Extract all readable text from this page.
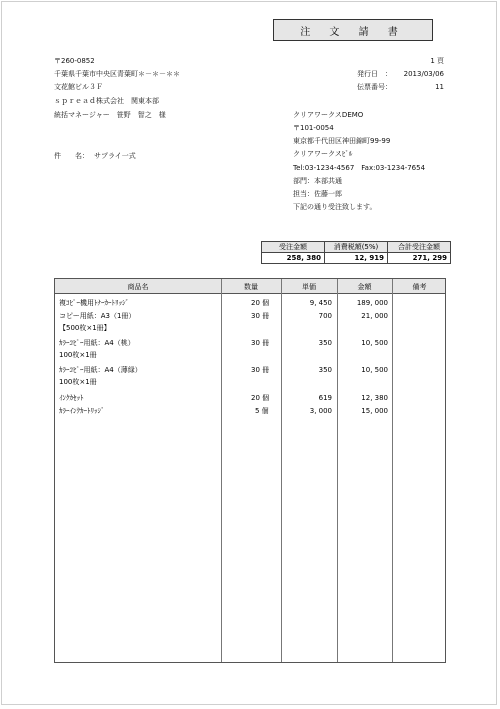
注 文 請 書
〒260-0852
千葉県千葉市中央区青葉町＊－＊－＊＊
文花館ビル３Ｆ
ｓｐｒｅａｄ株式会社　関東本部
統括マネージャー　笹野　智之　様
件　　名： サプライ一式
1 頁
発行日　：	2013/03/06
伝票番号：	11
クリアワークスDEMO
〒101-0054
東京都千代田区神田錦町99-99
クリアワークスﾋﾞﾙ
Tel:03-1234-4567　Fax:03-1234-7654
部門：本部共通
担当：佐藤一郎
下記の通り受注致します。
受注金額	消費税額(5%)	合計受注金額
258, 380	12, 919	271, 299
商品名	数量	単価	金額	備考
複ｺﾋﾟｰ機用ﾄﾅｰｶｰﾄﾘｯｼﾞ	20 個	9, 450	189, 000
コピー用紙：A3（1冊）
【500枚×1冊】
30 冊	700	21, 000
ｶﾗｰｺﾋﾟｰ用紙：A4（桃）
100枚×1冊
30 冊	350	10, 500
ｶﾗｰｺﾋﾟｰ用紙：A4（薄緑）
100枚×1冊
30 冊	350	10, 500
ｲﾝｸｶｾｯﾄ	20 個	619	12, 380
ｶﾗｰｲﾝｸｶｰﾄﾘｯｼﾞ	5 個	3, 000	15, 000
